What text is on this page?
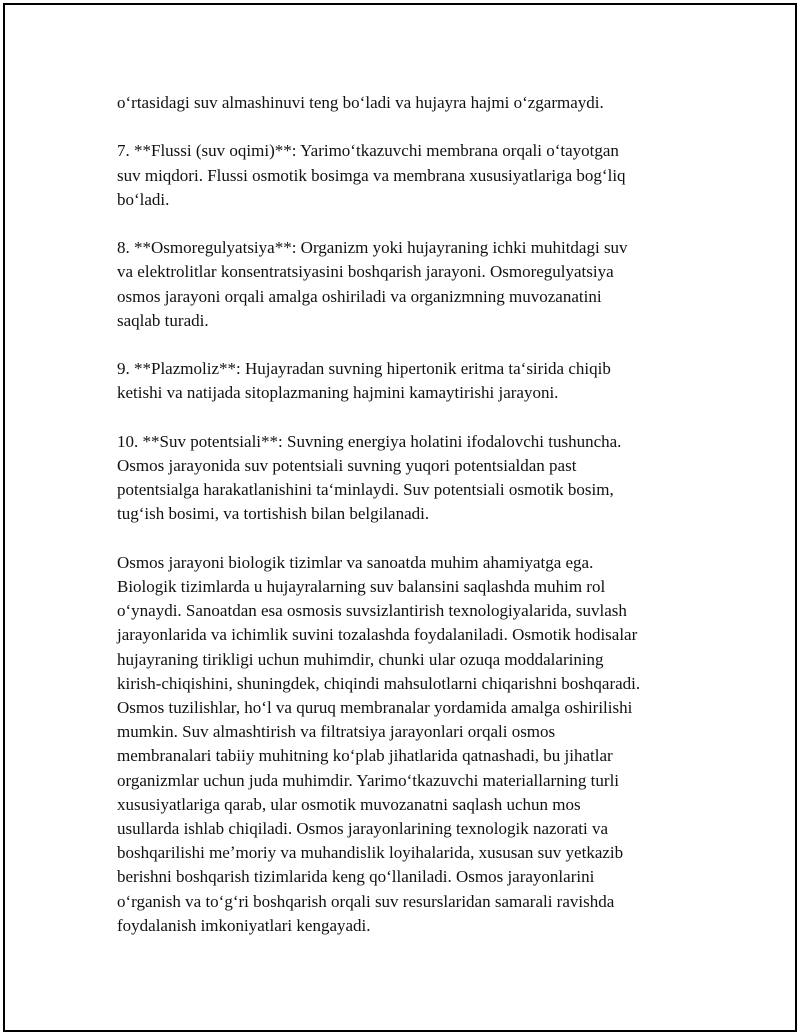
oʻrtasidagi suv almashinuvi teng boʻladi va hujayra hajmi oʻzgarmaydi.

7. **Flussi (suv oqimi)**: Yarimoʻtkazuvchi membrana orqali oʻtayotgan
suv miqdori. Flussi osmotik bosimga va membrana xususiyatlariga bogʻliq
boʻladi.

8. **Osmoregulyatsiya**: Organizm yoki hujayraning ichki muhitdagi suv
va elektrolitlar konsentratsiyasini boshqarish jarayoni. Osmoregulyatsiya
osmos jarayoni orqali amalga oshiriladi va organizmning muvozanatini
saqlab turadi.

9. **Plazmoliz**: Hujayradan suvning hipertonik eritma taʻsirida chiqib
ketishi va natijada sitoplazmaning hajmini kamaytirishi jarayoni.

10. **Suv potentsiali**: Suvning energiya holatini ifodalovchi tushuncha.
Osmos jarayonida suv potentsiali suvning yuqori potentsialdan past
potentsialga harakatlanishini taʻminlaydi. Suv potentsiali osmotik bosim,
tugʻish bosimi, va tortishish bilan belgilanadi.

Osmos jarayoni biologik tizimlar va sanoatda muhim ahamiyatga ega.
Biologik tizimlarda u hujayralarning suv balansini saqlashda muhim rol
oʻynaydi. Sanoatdan esa osmosis suvsizlantirish texnologiyalarida, suvlash
jarayonlarida va ichimlik suvini tozalashda foydalaniladi. Osmotik hodisalar
hujayraning tirikligi uchun muhimdir, chunki ular ozuqa moddalarining
kirish-chiqishini, shuningdek, chiqindi mahsulotlarni chiqarishni boshqaradi.
Osmos tuzilishlar, hoʻl va quruq membranalar yordamida amalga oshirilishi
mumkin. Suv almashtirish va filtratsiya jarayonlari orqali osmos
membranalari tabiiy muhitning koʻplab jihatlarida qatnashadi, bu jihatlar
organizmlar uchun juda muhimdir. Yarimoʻtkazuvchi materiallarning turli
xususiyatlariga qarab, ular osmotik muvozanatni saqlash uchun mos
usullarda ishlab chiqiladi. Osmos jarayonlarining texnologik nazorati va
boshqarilishi meʼmoriy va muhandislik loyihalarida, xususan suv yetkazib
berishni boshqarish tizimlarida keng qoʻllaniladi. Osmos jarayonlarini
oʻrganish va toʻgʻri boshqarish orqali suv resurslaridan samarali ravishda
foydalanish imkoniyatlari kengayadi.
